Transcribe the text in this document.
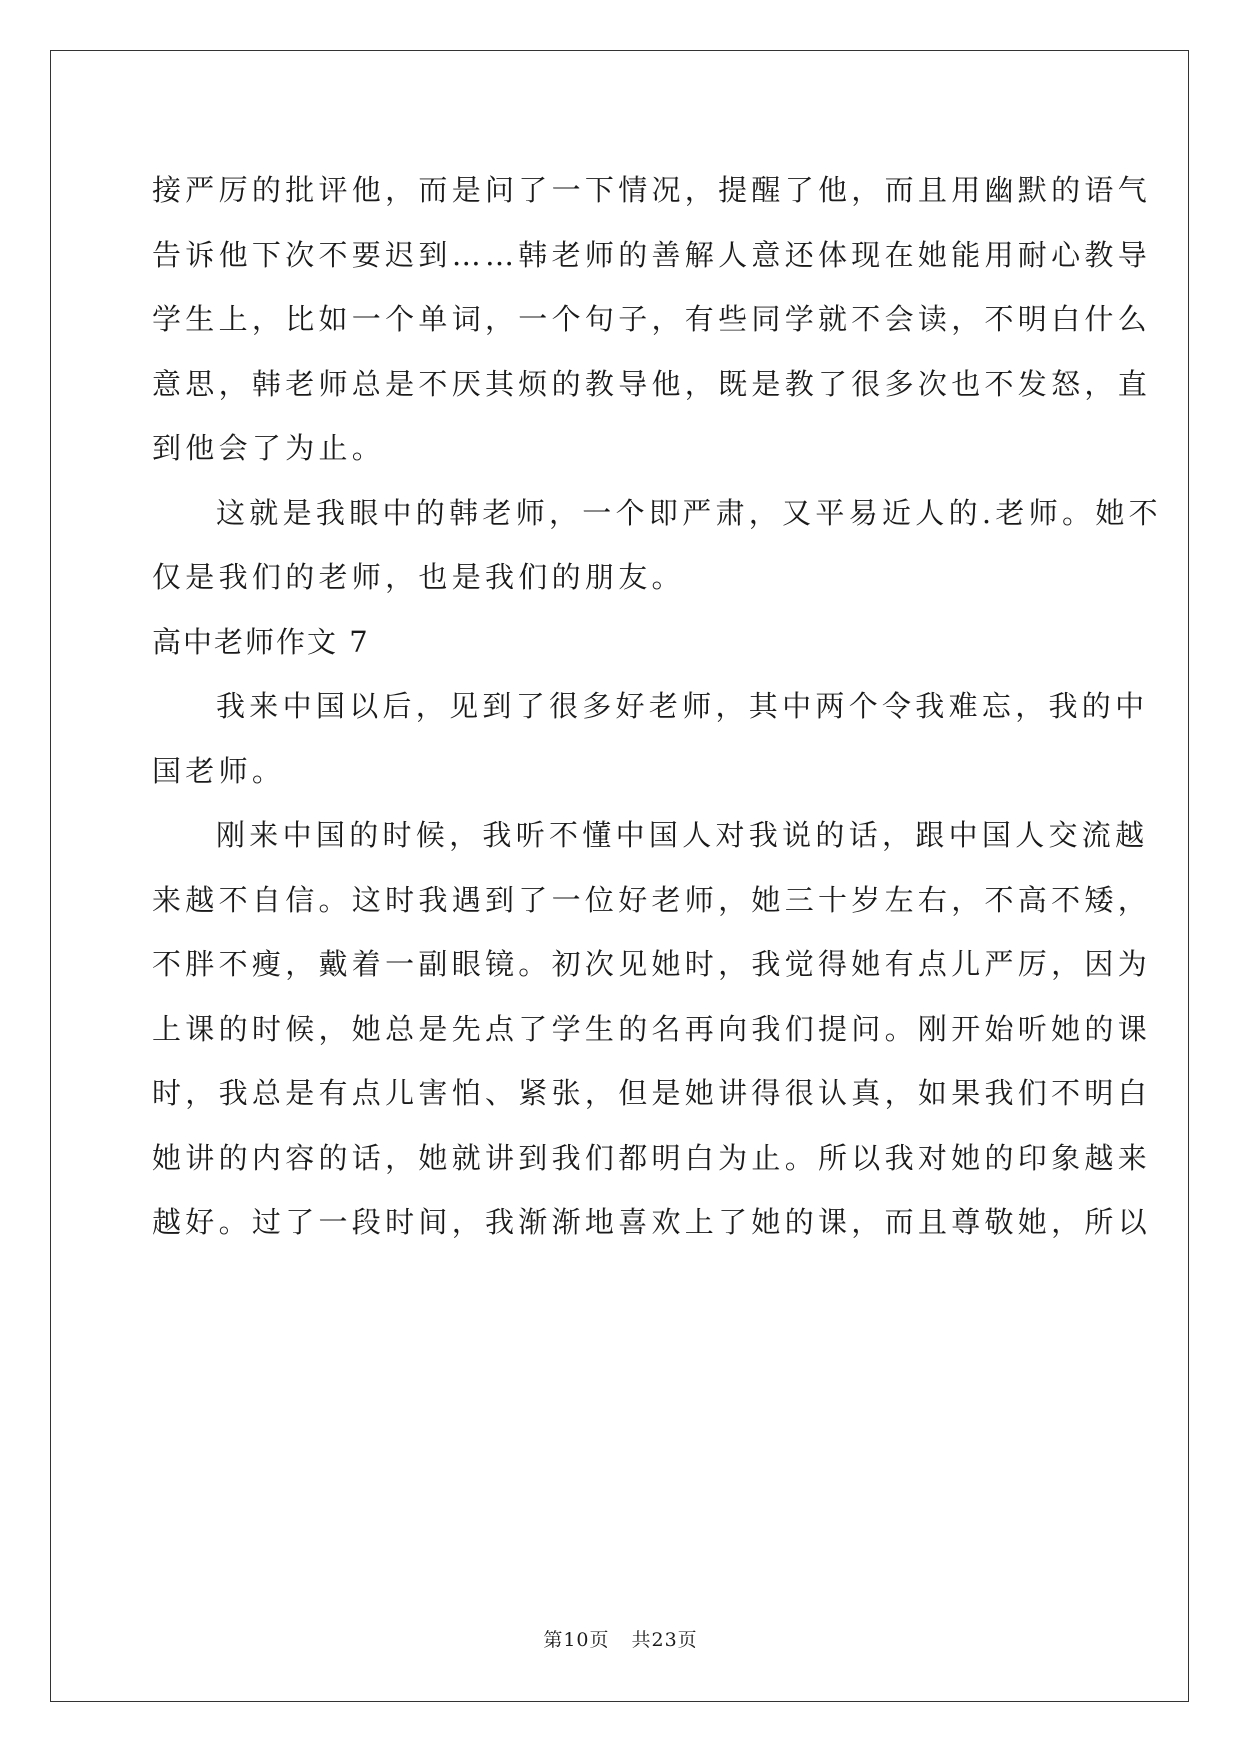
接严厉的批评他，而是问了一下情况，提醒了他，而且用幽默的语气
告诉他下次不要迟到……韩老师的善解人意还体现在她能用耐心教导
学生上，比如一个单词，一个句子，有些同学就不会读，不明白什么
意思，韩老师总是不厌其烦的教导他，既是教了很多次也不发怒，直
到他会了为止。
这就是我眼中的韩老师，一个即严肃，又平易近人的.老师。她不
仅是我们的老师，也是我们的朋友。
高中老师作文 7
我来中国以后，见到了很多好老师，其中两个令我难忘，我的中
国老师。
刚来中国的时候，我听不懂中国人对我说的话，跟中国人交流越
来越不自信。这时我遇到了一位好老师，她三十岁左右，不高不矮，
不胖不瘦，戴着一副眼镜。初次见她时，我觉得她有点儿严厉，因为
上课的时候，她总是先点了学生的名再向我们提问。刚开始听她的课
时，我总是有点儿害怕、紧张，但是她讲得很认真，如果我们不明白
她讲的内容的话，她就讲到我们都明白为止。所以我对她的印象越来
越好。过了一段时间，我渐渐地喜欢上了她的课，而且尊敬她，所以
第10页 共23页
